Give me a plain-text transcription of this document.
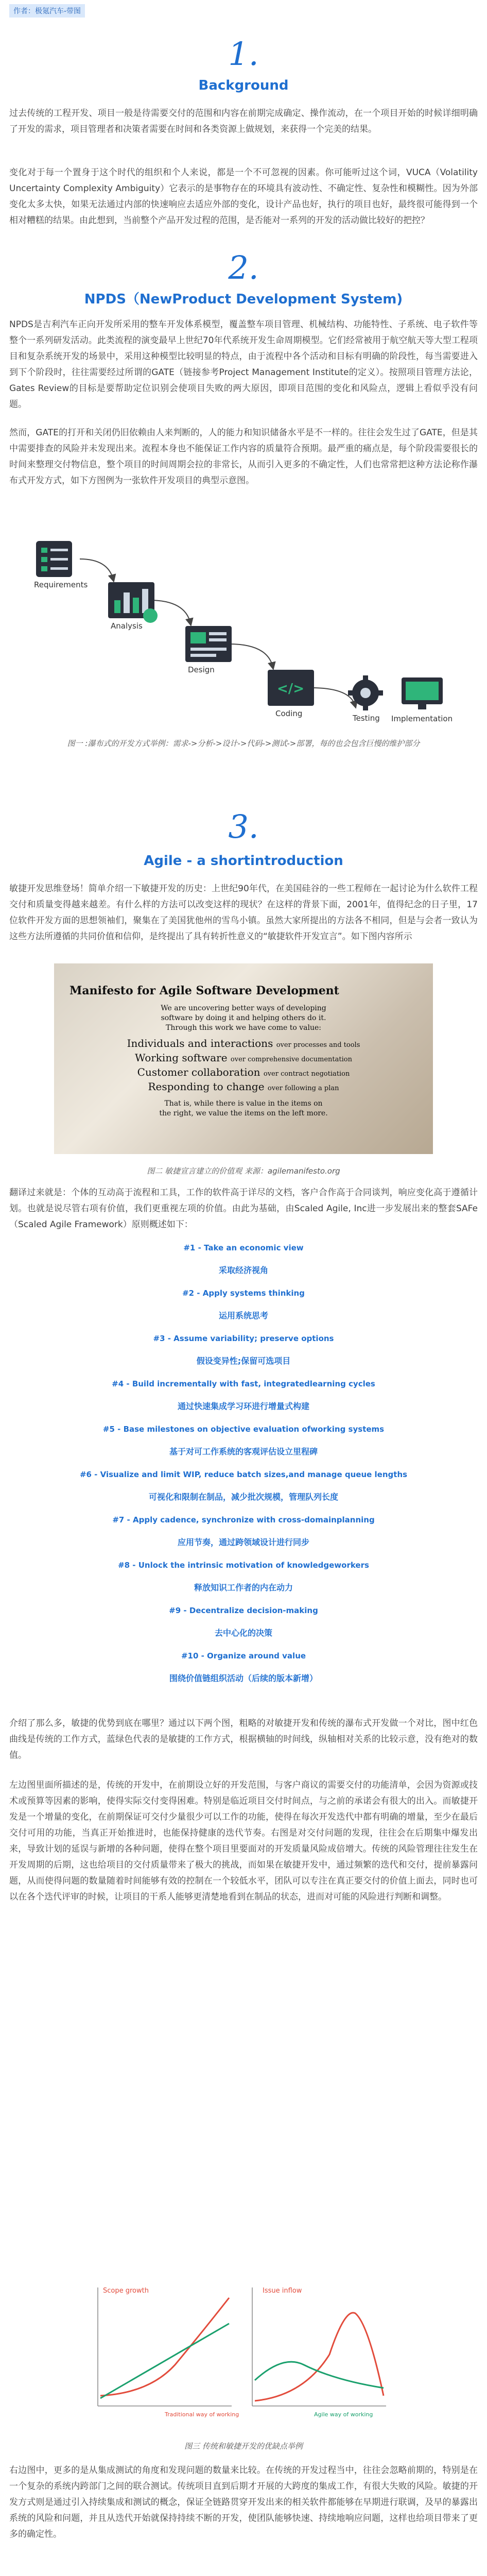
作者：极氪汽车-带图
1.
Background

过去传统的工程开发、项目一般是待需要交付的范围和内容在前期完成确定、操作流动，在一个项目开始的时候详细明确了开发的需求，项目管理者和决策者需要在时间和各类资源上做规划，来获得一个完美的结果。

变化对于每一个置身于这个时代的组织和个人来说，都是一个不可忽视的因素。你可能听过这个词，VUCA（Volatility Uncertainty Complexity Ambiguity）它表示的是事物存在的环境具有波动性、不确定性、复杂性和模糊性。因为外部变化太多太快，如果无法通过内部的快速响应去适应外部的变化，设计产品也好，执行的项目也好，最终很可能得到一个相对糟糕的结果。由此想到，当前整个产品开发过程的范围，是否能对一系列的开发的活动做比较好的把控？

2.
NPDS（NewProduct Development System)

NPDS是吉利汽车正向开发所采用的整车开发体系模型，覆盖整车项目管理、机械结构、功能特性、子系统、电子软件等整个一系列研发活动。此类流程的演变最早上世纪70年代系统开发生命周期模型。它们经常被用于航空航天等大型工程项目和复杂系统开发的场景中，采用这种模型比较明显的特点，由于流程中各个活动和目标有明确的阶段性，每当需要进入到下个阶段时，往往需要经过所谓的GATE（链接参考Project Management Institute的定义）。按照项目管理方法论，Gates Review的目标是要帮助定位识别会使项目失败的两大原因，即项目范围的变化和风险点，逻辑上看似乎没有问题。

然而，GATE的打开和关闭仍旧依赖由人来判断的，人的能力和知识储备水平是不一样的。往往会发生过了GATE，但是其中需要排查的风险并未发现出来。流程本身也不能保证工作内容的质量符合预期。最严重的痛点是，每个阶段需要很长的时间来整理交付物信息，整个项目的时间周期会拉的非常长，从而引入更多的不确定性，人们也常常把这种方法论称作瀑布式开发方式，如下方图例为一张软件开发项目的典型示意图。

Requirements
Analysis
Design
</>
Coding	Testing Implementation
图一 :瀑布式的开发方式举例：需求->分析->设计->代码->测试->部署，每的也会包含巨慢的维护部分
3.
Agile - a shortintroduction

敏捷开发思维登场！简单介绍一下敏捷开发的历史：上世纪90年代，在美国硅谷的一些工程师在一起讨论为什么软件工程交付和质量变得越来越差。有什么样的方法可以改变这样的现状？在这样的背景下面，2001年，值得纪念的日子里，17位软件开发方面的思想领袖们，聚集在了美国犹他州的雪鸟小镇。虽然大家所提出的方法各不相同，但是与会者一致认为这些方法所遵循的共同价值和信仰，是终提出了具有转折性意义的“敏捷软件开发宣言”。如下图内容所示

Manifesto for Agile Software Development
We are uncovering better ways of developing
software by doing it and helping others do it.
Through this work we have come to value:
Individuals and interactions over processes and tools
Working software over comprehensive documentation
Customer collaboration over contract negotiation
Responding to change over following a plan
That is, while there is value in the items on
the right, we value the items on the left more.
图二 敏捷宣言建立的价值观 来源：agilemanifesto.org

翻译过来就是：个体的互动高于流程和工具，工作的软件高于详尽的文档，客户合作高于合同谈判，响应变化高于遵循计划。也就是说尽管右项有价值，我们更重视左项的价值。由此为基础，由Scaled Agile, Inc进一步发展出来的整套SAFe（Scaled Agile Framework）原则概述如下：

#1 - Take an economic view
采取经济视角
#2 - Apply systems thinking
运用系统思考
#3 - Assume variability; preserve options
假设变异性;保留可选项目
#4 - Build incrementally with fast, integratedlearning cycles
通过快速集成学习环进行增量式构建
#5 - Base milestones on objective evaluation ofworking systems
基于对可工作系统的客观评估设立里程碑
#6 - Visualize and limit WIP, reduce batch sizes,and manage queue lengths
可视化和限制在制品，减少批次规模，管理队列长度
#7 - Apply cadence, synchronize with cross-domainplanning
应用节奏，通过跨领域设计进行同步
#8 - Unlock the intrinsic motivation of knowledgeworkers
释放知识工作者的内在动力
#9 - Decentralize decision-making
去中心化的决策
#10 - Organize around value
围绕价值链组织活动（后续的版本新增）

介绍了那么多，敏捷的优势到底在哪里？通过以下两个图，粗略的对敏捷开发和传统的瀑布式开发做一个对比，图中红色曲线是传统的工作方式，蓝绿色代表的是敏捷的工作方式，根据横轴的时间线，纵轴相对关系的比较示意，没有绝对的数值。

左边图里面所描述的是，传统的开发中，在前期设立好的开发范围，与客户商议的需要交付的功能清单，会因为资源或技术或预算等因素的影响，使得实际交付变得困难。特别是临近项目交付时间点，与之前的承诺会有很大的出入。而敏捷开发是一个增量的变化，在前期保证可交付少量很少可以工作的功能，使得在每次开发迭代中都有明确的增量，至少在最后交付可用的功能，当真正开始推进时，也能保持健康的迭代节奏。右图是对交付问题的发现，往往会在后期集中爆发出来，导致计划的延误与新增的各种问题，使得在整个项目里要面对的开发质量风险成倍增大。传统的风险管理往往发生在开发周期的后期，这也给项目的交付质量带来了极大的挑战，而如果在敏捷开发中，通过频繁的迭代和交付，提前暴露问题，从而使得问题的数量随着时间能够有效的控制在一个较低水平，团队可以专注在真正要交付的价值上面去，同时也可以在各个迭代评审的时候，让项目的干系人能够更清楚地看到在制品的状态，进而对可能的风险进行判断和调整。

Scope growth
Traditional way of working
Issue inflow
Agile way of working
图三 传统和敏捷开发的优缺点举例

右边图中，更多的是从集成测试的角度和发现问题的数量来比较。在传统的开发过程当中，往往会忽略前期的，特别是在一个复杂的系统内跨部门之间的联合测试。传统项目直到后期才开展的大跨度的集成工作，有很大失败的风险。敏捷的开发方式则是通过引入持续集成和测试的概念，保证全链路贯穿开发出来的相关软件都能够在早期进行联调，及早的暴露出系统的风险和问题，并且从迭代开始就保持持续不断的开发，使团队能够快速、持续地响应问题，这样也给项目带来了更多的确定性。
